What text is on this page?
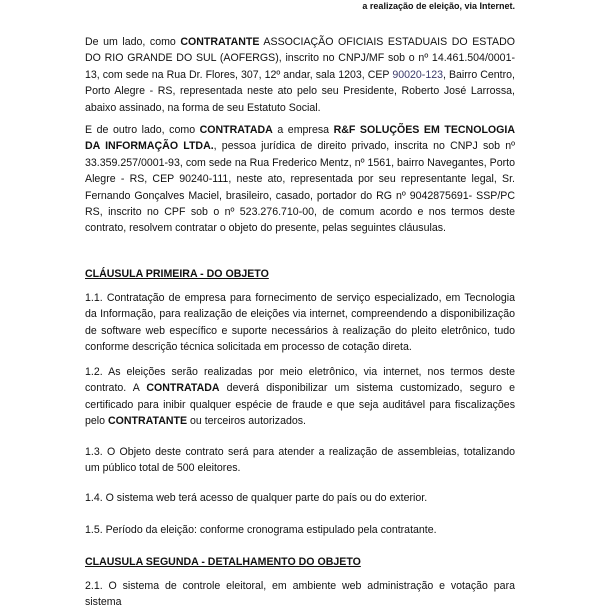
a realização de eleição, via Internet.

De um lado, como CONTRATANTE ASSOCIAÇÃO OFICIAIS ESTADUAIS DO ESTADO DO RIO GRANDE DO SUL (AOFERGS), inscrito no CNPJ/MF sob o nº 14.461.504/0001-13, com sede na Rua Dr. Flores, 307, 12º andar, sala 1203, CEP 90020-123, Bairro Centro, Porto Alegre - RS, representada neste ato pelo seu Presidente, Roberto José Larrossa, abaixo assinado, na forma de seu Estatuto Social.

E de outro lado, como CONTRATADA a empresa R&F SOLUÇÕES EM TECNOLOGIA DA INFORMAÇÃO LTDA., pessoa jurídica de direito privado, inscrita no CNPJ sob nº 33.359.257/0001-93, com sede na Rua Frederico Mentz, nº 1561, bairro Navegantes, Porto Alegre - RS, CEP 90240-111, neste ato, representada por seu representante legal, Sr. Fernando Gonçalves Maciel, brasileiro, casado, portador do RG nº 9042875691- SSP/PC RS, inscrito no CPF sob o nº 523.276.710-00, de comum acordo e nos termos deste contrato, resolvem contratar o objeto do presente, pelas seguintes cláusulas.

CLÁUSULA PRIMEIRA - DO OBJETO

1.1. Contratação de empresa para fornecimento de serviço especializado, em Tecnologia da Informação, para realização de eleições via internet, compreendendo a disponibilização de software web específico e suporte necessários à realização do pleito eletrônico, tudo conforme descrição técnica solicitada em processo de cotação direta.

1.2. As eleições serão realizadas por meio eletrônico, via internet, nos termos deste contrato. A CONTRATADA deverá disponibilizar um sistema customizado, seguro e certificado para inibir qualquer espécie de fraude e que seja auditável para fiscalizações pelo CONTRATANTE ou terceiros autorizados.

1.3. O Objeto deste contrato será para atender a realização de assembleias, totalizando um público total de 500 eleitores.

1.4. O sistema web terá acesso de qualquer parte do país ou do exterior.

1.5. Período da eleição: conforme cronograma estipulado pela contratante.

CLAUSULA SEGUNDA - DETALHAMENTO DO OBJETO

2.1. O sistema de controle eleitoral, em ambiente web administração e votação para sistema
